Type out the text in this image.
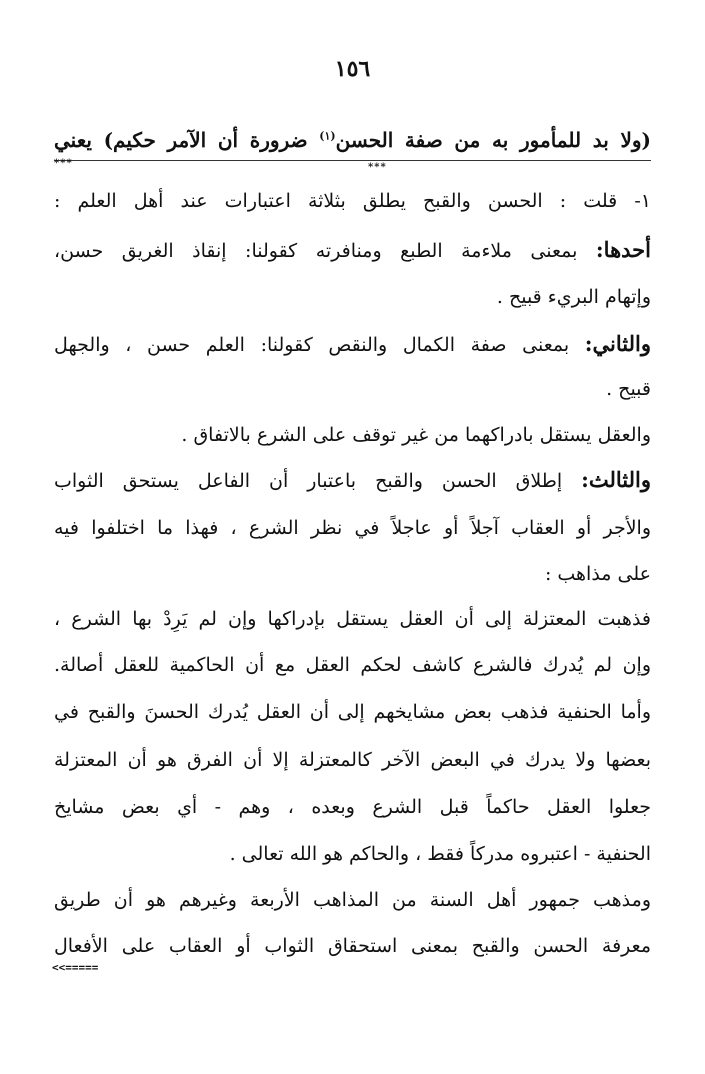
١٥٦
(ولا بد للمأمور به من صفة الحسن$^{(١)}$ ضرورة أن الآمر حكيم) يعني
***	***
١- قلت : الحسن والقبح يطلق بثلاثة اعتبارات عند أهل العلم :
أحدها: بمعنى ملاءمة الطبع ومنافرته كقولنا: إنقاذ الغريق حسن،
وإتهام البريء قبيح .
والثاني: بمعنى صفة الكمال والنقص كقولنا: العلم حسن ، والجهل
قبيح .
والعقل يستقل بادراكهما من غير توقف على الشرع بالاتفاق .
والثالث: إطلاق الحسن والقبح باعتبار أن الفاعل يستحق الثواب
والأجر أو العقاب آجلاً أو عاجلاً في نظر الشرع ، فهذا ما اختلفوا فيه
على مذاهب :
فذهبت المعتزلة إلى أن العقل يستقل بإدراكها وإن لم يَرِدْ بها الشرع ،
وإن لم يُدرك فالشرع كاشف لحكم العقل مع أن الحاكمية للعقل أصالة.
وأما الحنفية فذهب بعض مشايخهم إلى أن العقل يُدرك الحسنَ والقبح في
بعضها ولا يدرك في البعض الآخر كالمعتزلة إلا أن الفرق هو أن المعتزلة
جعلوا العقل حاكماً قبل الشرع وبعده ، وهم - أي بعض مشايخ
الحنفية - اعتبروه مدركاً فقط ، والحاكم هو الله تعالى .
ومذهب جمهور أهل السنة من المذاهب الأربعة وغيرهم هو أن طريق
معرفة الحسن والقبح بمعنى استحقاق الثواب أو العقاب على الأفعال
<<=====
